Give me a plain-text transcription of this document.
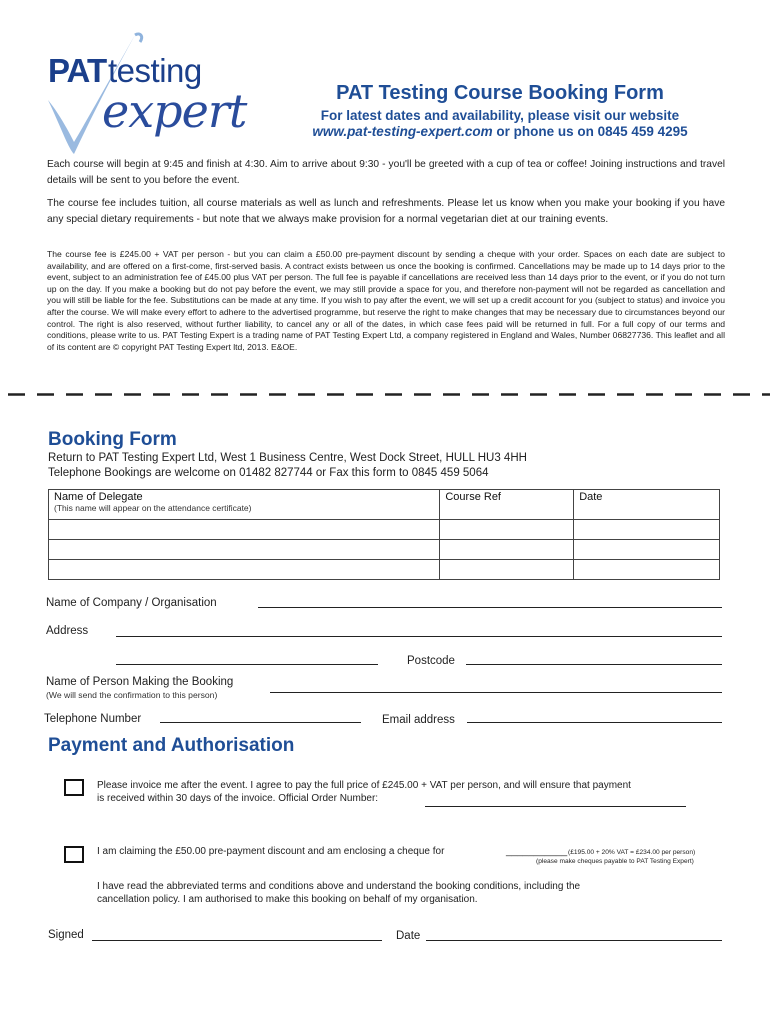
PAT testing
expert	PAT Testing Course Booking Form
For latest dates and availability, please visit our website
www.pat-testing-expert.com or phone us on 0845 459 4295
Each course will begin at 9:45 and finish at 4:30. Aim to arrive about 9:30 - you'll be greeted with a cup of tea or coffee! Joining instructions and travel details will be sent to you before the event.
The course fee includes tuition, all course materials as well as lunch and refreshments. Please let us know when you make your booking if you have any special dietary requirements - but note that we always make provision for a normal vegetarian diet at our training events.
The course fee is £245.00 + VAT per person - but you can claim a £50.00 pre-payment discount by sending a cheque with your order. Spaces on each date are subject to availability, and are offered on a first-come, first-served basis. A contract exists between us once the booking is confirmed. Cancellations may be made up to 14 days prior to the event, subject to an administration fee of £45.00 plus VAT per person. The full fee is payable if cancellations are received less than 14 days prior to the event, or if you do not turn up on the day. If you make a booking but do not pay before the event, we may still provide a space for you, and therefore non-payment will not be regarded as cancellation and you will still be liable for the fee. Substitutions can be made at any time. If you wish to pay after the event, we will set up a credit account for you (subject to status) and invoice you after the course. We will make every effort to adhere to the advertised programme, but reserve the right to make changes that may be necessary due to circumstances beyond our control. The right is also reserved, without further liability, to cancel any or all of the dates, in which case fees paid will be returned in full. For a full copy of our terms and conditions, please write to us. PAT Testing Expert is a trading name of PAT Testing Expert Ltd, a company registered in England and Wales, Number 06827736. This leaflet and all of its content are © copyright PAT Testing Expert ltd, 2013. E&OE.
Booking Form
Return to PAT Testing Expert Ltd, West 1 Business Centre, West Dock Street, HULL HU3 4HH
Telephone Bookings are welcome on 01482 827744 or Fax this form to 0845 459 5064
Name of Delegate
(This name will appear on the attendance certificate)	Course Ref	Date

Name of Company / Organisation
Address
Postcode
Name of Person Making the Booking
(We will send the confirmation to this person)
Telephone Number	Email address
Payment and Authorisation
Please invoice me after the event. I agree to pay the full price of £245.00 + VAT per person, and will ensure that payment
is received within 30 days of the invoice. Official Order Number:
I am claiming the £50.00 pre-payment discount and am enclosing a cheque for	___________ (£195.00 + 20% VAT = £234.00 per person)
(please make cheques payable to PAT Testing Expert)
I have read the abbreviated terms and conditions above and understand the booking conditions, including the
cancellation policy. I am authorised to make this booking on behalf of my organisation.
Signed	Date
